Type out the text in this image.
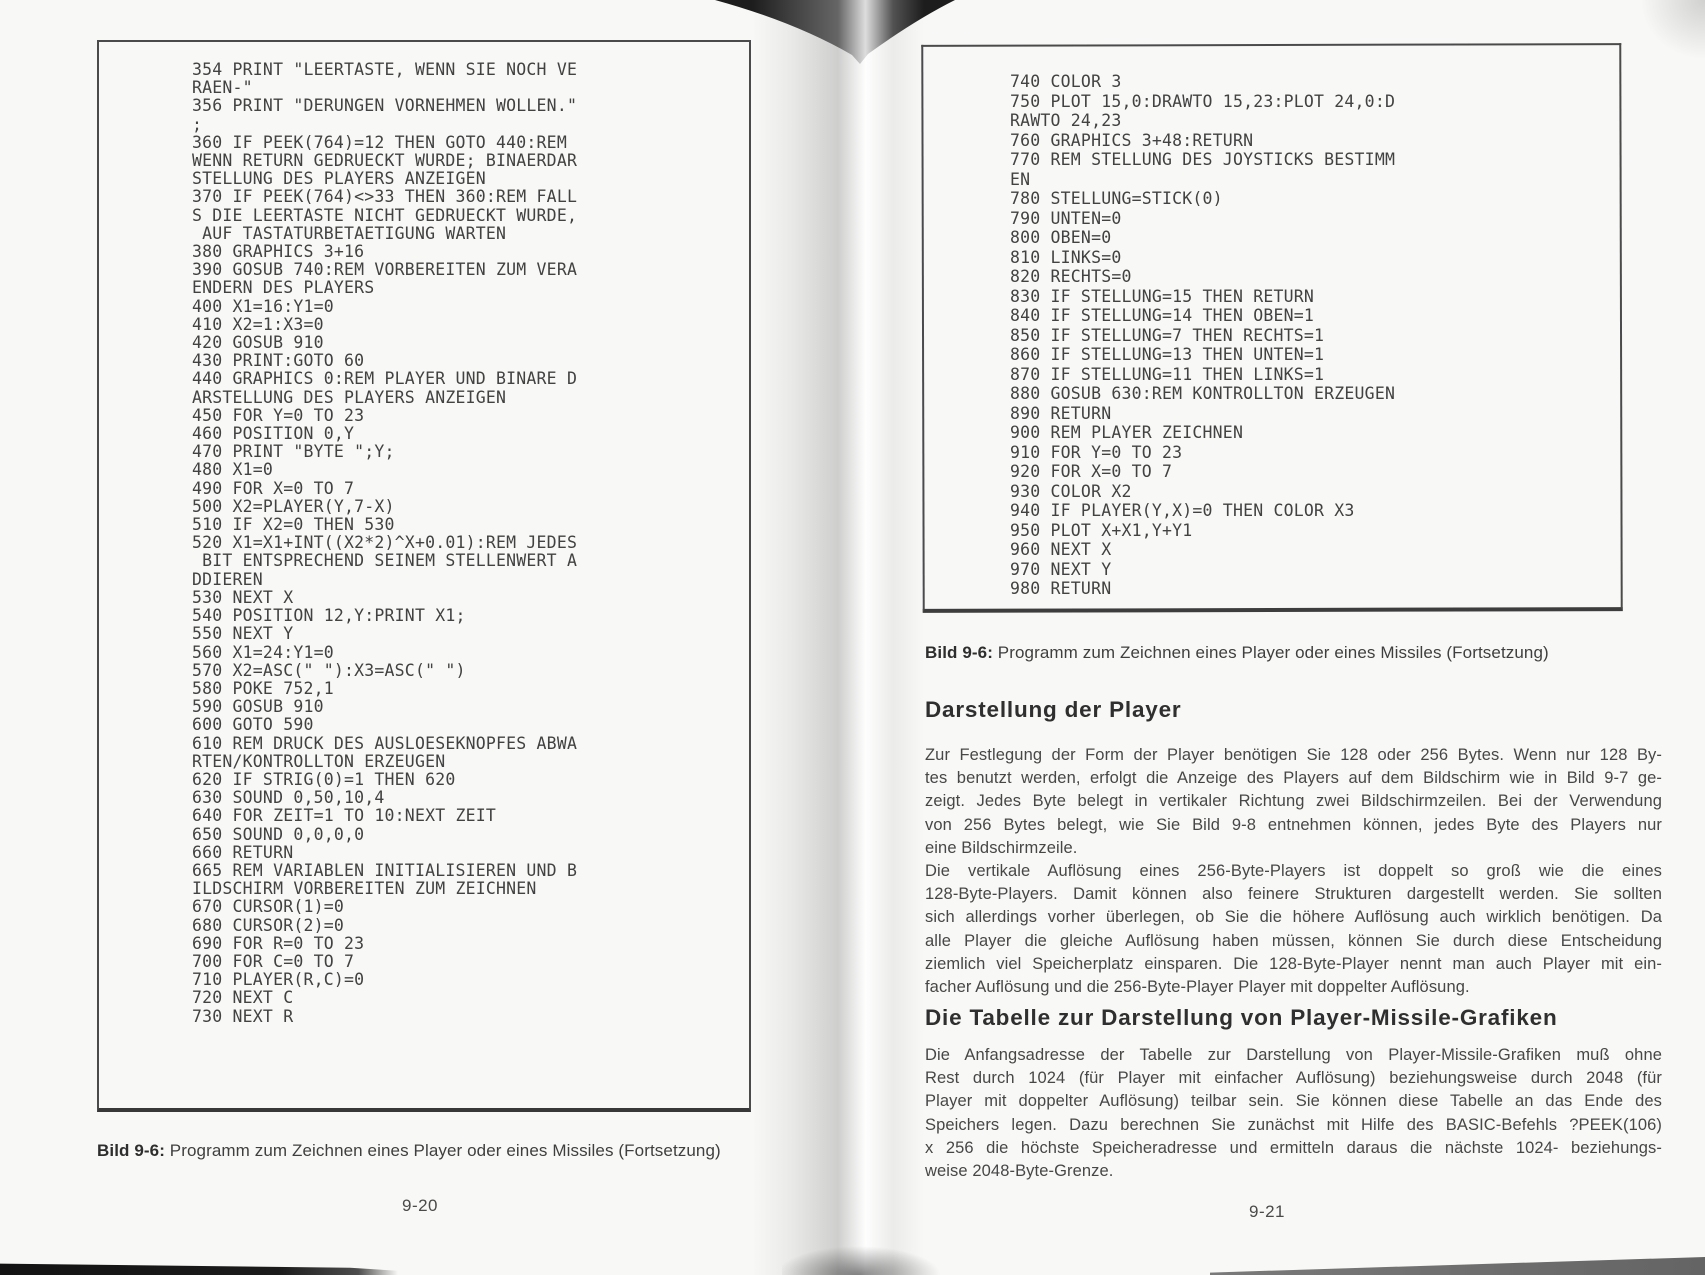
354 PRINT "LEERTASTE, WENN SIE NOCH VE
RAEN-"
356 PRINT "DERUNGEN VORNEHMEN WOLLEN."
;
360 IF PEEK(764)=12 THEN GOTO 440:REM
WENN RETURN GEDRUECKT WURDE; BINAERDAR
STELLUNG DES PLAYERS ANZEIGEN
370 IF PEEK(764)<>33 THEN 360:REM FALL
S DIE LEERTASTE NICHT GEDRUECKT WURDE,
AUF TASTATURBETAETIGUNG WARTEN
380 GRAPHICS 3+16
390 GOSUB 740:REM VORBEREITEN ZUM VERA
ENDERN DES PLAYERS
400 X1=16:Y1=0
410 X2=1:X3=0
420 GOSUB 910
430 PRINT:GOTO 60
440 GRAPHICS 0:REM PLAYER UND BINARE D
ARSTELLUNG DES PLAYERS ANZEIGEN
450 FOR Y=0 TO 23
460 POSITION 0,Y
470 PRINT "BYTE ";Y;
480 X1=0
490 FOR X=0 TO 7
500 X2=PLAYER(Y,7-X)
510 IF X2=0 THEN 530
520 X1=X1+INT((X2*2)^X+0.01):REM JEDES
BIT ENTSPRECHEND SEINEM STELLENWERT A
DDIEREN
530 NEXT X
540 POSITION 12,Y:PRINT X1;
550 NEXT Y
560 X1=24:Y1=0
570 X2=ASC(" "):X3=ASC(" ")
580 POKE 752,1
590 GOSUB 910
600 GOTO 590
610 REM DRUCK DES AUSLOESEKNOPFES ABWA
RTEN/KONTROLLTON ERZEUGEN
620 IF STRIG(0)=1 THEN 620
630 SOUND 0,50,10,4
640 FOR ZEIT=1 TO 10:NEXT ZEIT
650 SOUND 0,0,0,0
660 RETURN
665 REM VARIABLEN INITIALISIEREN UND B
ILDSCHIRM VORBEREITEN ZUM ZEICHNEN
670 CURSOR(1)=0
680 CURSOR(2)=0
690 FOR R=0 TO 23
700 FOR C=0 TO 7
710 PLAYER(R,C)=0
720 NEXT C
730 NEXT R
Bild 9-6: Programm zum Zeichnen eines Player oder eines Missiles (Fortsetzung)
9-20
740 COLOR 3
750 PLOT 15,0:DRAWTO 15,23:PLOT 24,0:D
RAWTO 24,23
760 GRAPHICS 3+48:RETURN
770 REM STELLUNG DES JOYSTICKS BESTIMM
EN
780 STELLUNG=STICK(0)
790 UNTEN=0
800 OBEN=0
810 LINKS=0
820 RECHTS=0
830 IF STELLUNG=15 THEN RETURN
840 IF STELLUNG=14 THEN OBEN=1
850 IF STELLUNG=7 THEN RECHTS=1
860 IF STELLUNG=13 THEN UNTEN=1
870 IF STELLUNG=11 THEN LINKS=1
880 GOSUB 630:REM KONTROLLTON ERZEUGEN
890 RETURN
900 REM PLAYER ZEICHNEN
910 FOR Y=0 TO 23
920 FOR X=0 TO 7
930 COLOR X2
940 IF PLAYER(Y,X)=0 THEN COLOR X3
950 PLOT X+X1,Y+Y1
960 NEXT X
970 NEXT Y
980 RETURN
Bild 9-6: Programm zum Zeichnen eines Player oder eines Missiles (Fortsetzung)
Darstellung der Player
Zur Festlegung der Form der Player benötigen Sie 128 oder 256 Bytes. Wenn nur 128 By-
tes benutzt werden, erfolgt die Anzeige des Players auf dem Bildschirm wie in Bild 9-7 ge-
zeigt. Jedes Byte belegt in vertikaler Richtung zwei Bildschirmzeilen. Bei der Verwendung
von 256 Bytes belegt, wie Sie Bild 9-8 entnehmen können, jedes Byte des Players nur
eine Bildschirmzeile.
Die vertikale Auflösung eines 256-Byte-Players ist doppelt so groß wie die eines
128-Byte-Players. Damit können also feinere Strukturen dargestellt werden. Sie sollten
sich allerdings vorher überlegen, ob Sie die höhere Auflösung auch wirklich benötigen. Da
alle Player die gleiche Auflösung haben müssen, können Sie durch diese Entscheidung
ziemlich viel Speicherplatz einsparen. Die 128-Byte-Player nennt man auch Player mit ein-
facher Auflösung und die 256-Byte-Player Player mit doppelter Auflösung.
Die Tabelle zur Darstellung von Player-Missile-Grafiken
Die Anfangsadresse der Tabelle zur Darstellung von Player-Missile-Grafiken muß ohne
Rest durch 1024 (für Player mit einfacher Auflösung) beziehungsweise durch 2048 (für
Player mit doppelter Auflösung) teilbar sein. Sie können diese Tabelle an das Ende des
Speichers legen. Dazu berechnen Sie zunächst mit Hilfe des BASIC-Befehls ?PEEK(106)
x 256 die höchste Speicheradresse und ermitteln daraus die nächste 1024- beziehungs-
weise 2048-Byte-Grenze.
9-21
